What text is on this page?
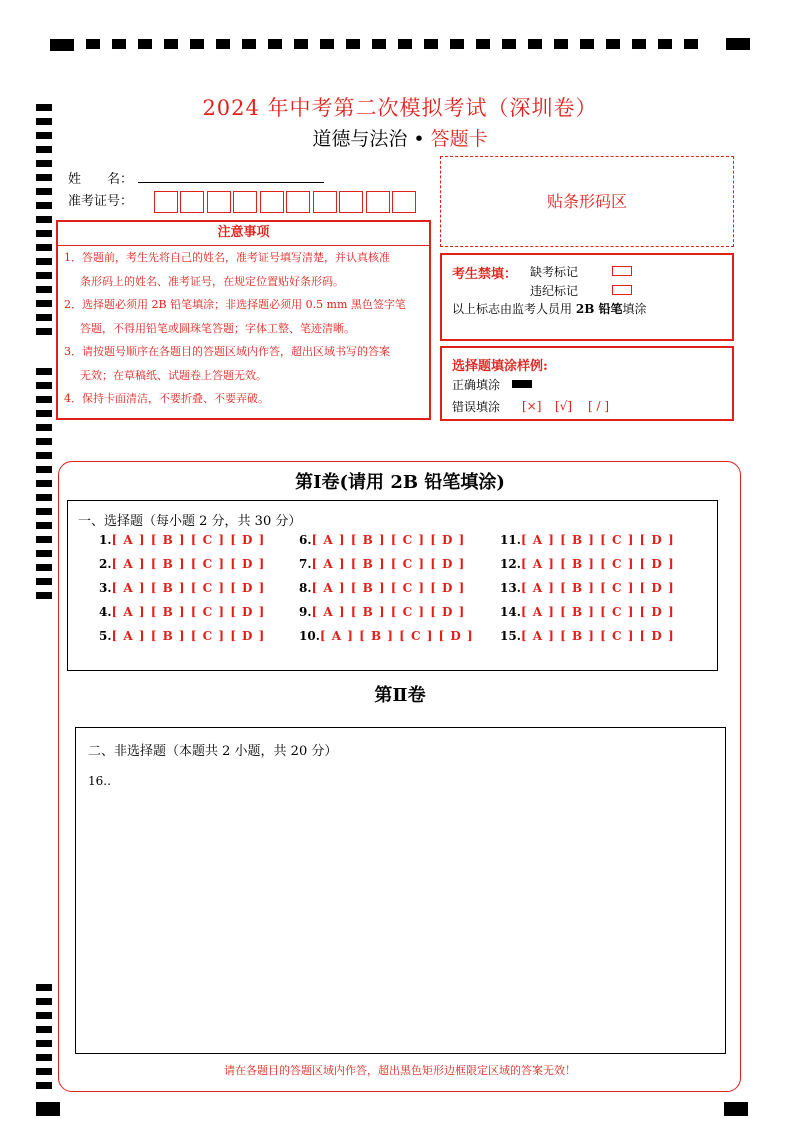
2024 年中考第二次模拟考试（深圳卷）
道德与法治 • 答题卡
姓　　名：
准考证号：	贴条形码区
注意事项

1．答题前，考生先将自己的姓名，准考证号填写清楚，并认真核准

条形码上的姓名、准考证号，在规定位置贴好条形码。

2．选择题必须用 2B 铅笔填涂；非选择题必须用 0.5 mm 黑色签字笔

答题，不得用铅笔或圆珠笔答题；字体工整、笔迹清晰。

3．请按题号顺序在各题目的答题区域内作答，超出区域书写的答案

无效；在草稿纸、试题卷上答题无效。

4．保持卡面清洁，不要折叠、不要弄破。

考生禁填： 缺考标记
违纪标记
以上标志由监考人员用 2B 铅笔填涂
选择题填涂样例:
正确填涂
错误填涂 [×] [√] [ / ]
第Ⅰ卷(请用 2B 铅笔填涂)
一、选择题（每小题 2 分，共 30 分）
1.[ A ] [ B ] [ C ] [ D ]
2.[ A ] [ B ] [ C ] [ D ]
3.[ A ] [ B ] [ C ] [ D ]
4.[ A ] [ B ] [ C ] [ D ]
5.[ A ] [ B ] [ C ] [ D ]
6.[ A ] [ B ] [ C ] [ D ]
7.[ A ] [ B ] [ C ] [ D ]
8.[ A ] [ B ] [ C ] [ D ]
9.[ A ] [ B ] [ C ] [ D ]
10.[ A ] [ B ] [ C ] [ D ]
11.[ A ] [ B ] [ C ] [ D ]
12.[ A ] [ B ] [ C ] [ D ]
13.[ A ] [ B ] [ C ] [ D ]
14.[ A ] [ B ] [ C ] [ D ]
15.[ A ] [ B ] [ C ] [ D ]
第Ⅱ卷
二、非选择题（本题共 2 小题，共 20 分）
16..
请在各题目的答题区域内作答，超出黑色矩形边框限定区域的答案无效！
